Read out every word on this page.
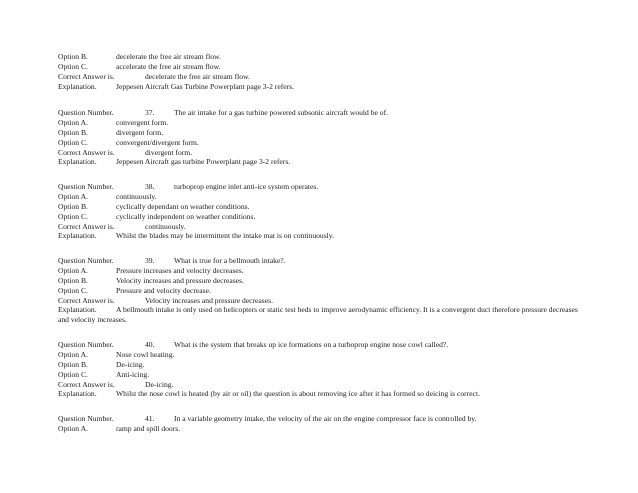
Option B.	decelerate the free air stream flow.
Option C.	accelerate the free air stream flow.
Correct Answer is.	decelerate the free air stream flow.
Explanation.	Jeppesen Aircraft Gas Turbine Powerplant page 3-2 refers.
Question Number.	37.	The air intake for a gas turbine powered subsonic aircraft would be of.
Option A.	convergent form.
Option B.	divergent form.
Option C.	convergent/divergent form.
Correct Answer is.	divergent form.
Explanation.	Jeppesen Aircraft gas turbine Powerplant page 3-2 refers.
Question Number.	38.	turboprop engine inlet anti-ice system operates.
Option A.	continuously.
Option B.	cyclically dependant on weather conditions.
Option C.	cyclically independent on weather conditions.
Correct Answer is.	continuously.
Explanation.	Whilst the blades may be intermittent the intake mat is on continuously.
Question Number.	39.	What is true for a bellmouth intake?.
Option A.	Pressure increases and velocity decreases.
Option B.	Velocity increases and pressure decreases.
Option C.	Pressure and velocity decrease.
Correct Answer is.	Velocity increases and pressure decreases.
Explanation.	A bellmouth intake is only used on helicopters or static test beds to improve aerodynamic efficiency. It is a convergent duct therefore pressure decreases and velocity increases.
Question Number.	40.	What is the system that breaks up ice formations on a turboprop engine nose cowl called?.
Option A.	Nose cowl heating.
Option B.	De-icing.
Option C.	Anti-icing.
Correct Answer is.	De-icing.
Explanation.	Whilst the nose cowl is heated (by air or oil) the question is about removing ice after it has formed so deicing is correct.
Question Number.	41.	In a variable geometry intake, the velocity of the air on the engine compressor face is controlled by.
Option A.	ramp and spill doors.
